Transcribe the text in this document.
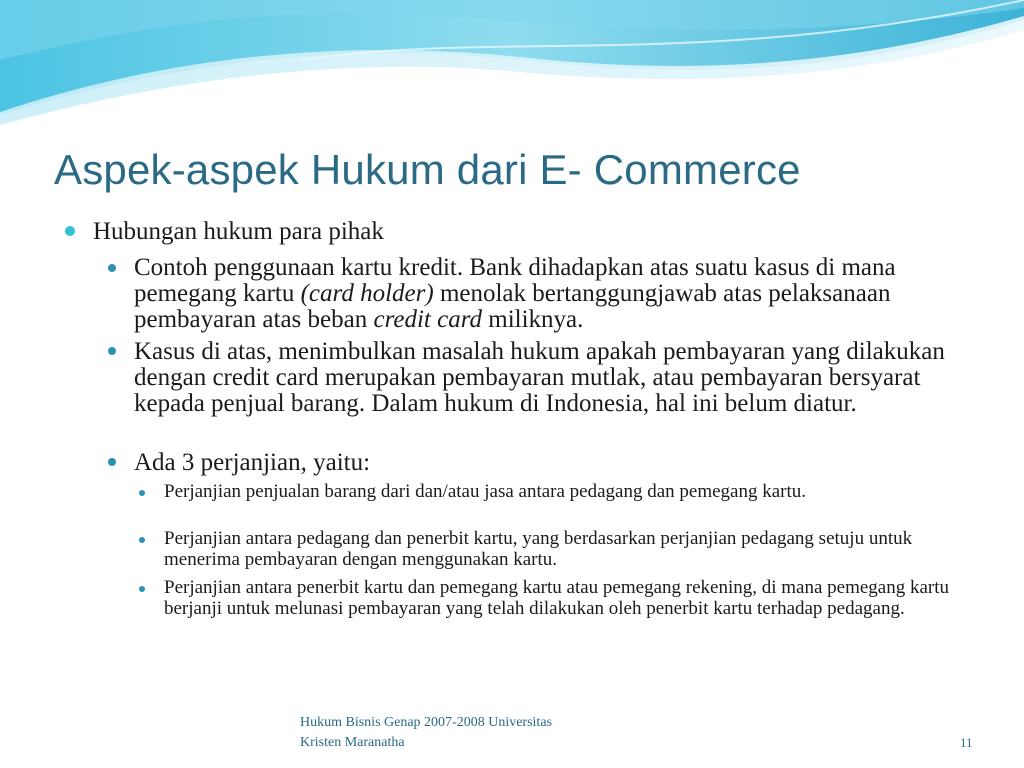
Aspek-aspek Hukum dari E- Commerce

Hubungan hukum para pihak

Contoh penggunaan kartu kredit. Bank dihadapkan atas suatu kasus di mana pemegang kartu (card holder) menolak bertanggungjawab atas pelaksanaan pembayaran atas beban credit card miliknya.

Kasus di atas, menimbulkan masalah hukum apakah pembayaran yang dilakukan dengan credit card merupakan pembayaran mutlak, atau pembayaran bersyarat kepada penjual barang. Dalam hukum di Indonesia, hal ini belum diatur.

Ada 3 perjanjian, yaitu:

Perjanjian penjualan barang dari dan/atau jasa antara pedagang dan pemegang kartu.

Perjanjian antara pedagang dan penerbit kartu, yang berdasarkan perjanjian pedagang setuju untuk menerima pembayaran dengan menggunakan kartu.

Perjanjian antara penerbit kartu dan pemegang kartu atau pemegang rekening, di mana pemegang kartu berjanji untuk melunasi pembayaran yang telah dilakukan oleh penerbit kartu terhadap pedagang.

Hukum Bisnis Genap 2007-2008 Universitas
Kristen Maranatha	11
